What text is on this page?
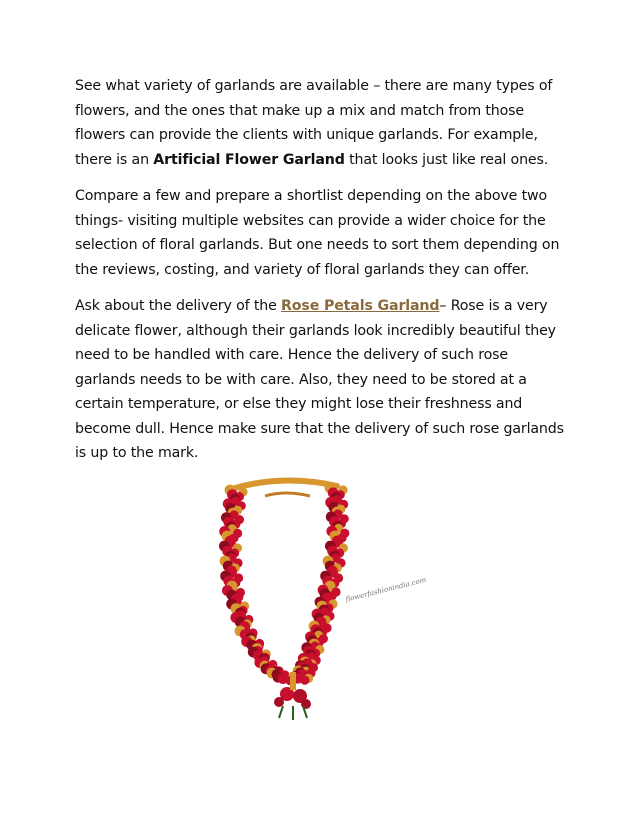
See what variety of garlands are available – there are many types of flowers, and the ones that make up a mix and match from those flowers can provide the clients with unique garlands. For example, there is an Artificial Flower Garland that looks just like real ones.

Compare a few and prepare a shortlist depending on the above two things- visiting multiple websites can provide a wider choice for the selection of floral garlands. But one needs to sort them depending on the reviews, costing, and variety of floral garlands they can offer.

Ask about the delivery of the Rose Petals Garland– Rose is a very delicate flower, although their garlands look incredibly beautiful they need to be handled with care. Hence the delivery of such rose garlands needs to be with care. Also, they need to be stored at a certain temperature, or else they might lose their freshness and become dull. Hence make sure that the delivery of such rose garlands is up to the mark.

flowerfashionindia.com
